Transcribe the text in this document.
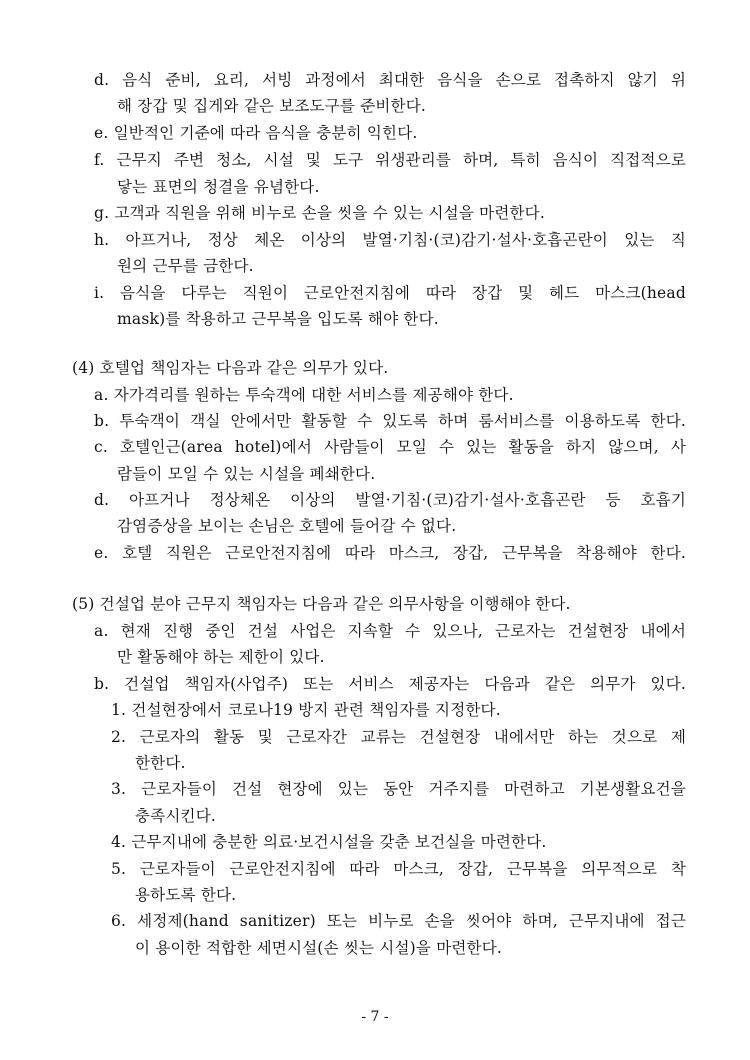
d. 음식 준비, 요리, 서빙 과정에서 최대한 음식을 손으로 접촉하지 않기 위
해 장갑 및 집게와 같은 보조도구를 준비한다.
e. 일반적인 기준에 따라 음식을 충분히 익힌다.
f. 근무지 주변 청소, 시설 및 도구 위생관리를 하며, 특히 음식이 직접적으로
닿는 표면의 청결을 유념한다.
g. 고객과 직원을 위해 비누로 손을 씻을 수 있는 시설을 마련한다.
h. 아프거나, 정상 체온 이상의 발열·기침·(코)감기·설사·호흡곤란이 있는 직
원의 근무를 금한다.
i. 음식을 다루는 직원이 근로안전지침에 따라 장갑 및 헤드 마스크(head
mask)를 착용하고 근무복을 입도록 해야 한다.
(4) 호텔업 책임자는 다음과 같은 의무가 있다.
a. 자가격리를 원하는 투숙객에 대한 서비스를 제공해야 한다.
b. 투숙객이 객실 안에서만 활동할 수 있도록 하며 룸서비스를 이용하도록 한다.
c. 호텔인근(area hotel)에서 사람들이 모일 수 있는 활동을 하지 않으며, 사
람들이 모일 수 있는 시설을 폐쇄한다.
d. 아프거나 정상체온 이상의 발열·기침·(코)감기·설사·호흡곤란 등 호흡기
감염증상을 보이는 손님은 호텔에 들어갈 수 없다.
e. 호텔 직원은 근로안전지침에 따라 마스크, 장갑, 근무복을 착용해야 한다.
(5) 건설업 분야 근무지 책임자는 다음과 같은 의무사항을 이행해야 한다.
a. 현재 진행 중인 건설 사업은 지속할 수 있으나, 근로자는 건설현장 내에서
만 활동해야 하는 제한이 있다.
b. 건설업 책임자(사업주) 또는 서비스 제공자는 다음과 같은 의무가 있다.
1. 건설현장에서 코로나19 방지 관련 책임자를 지정한다.
2. 근로자의 활동 및 근로자간 교류는 건설현장 내에서만 하는 것으로 제
한한다.
3. 근로자들이 건설 현장에 있는 동안 거주지를 마련하고 기본생활요건을
충족시킨다.
4. 근무지내에 충분한 의료·보건시설을 갖춘 보건실을 마련한다.
5. 근로자들이 근로안전지침에 따라 마스크, 장갑, 근무복을 의무적으로 착
용하도록 한다.
6. 세정제(hand sanitizer) 또는 비누로 손을 씻어야 하며, 근무지내에 접근
이 용이한 적합한 세면시설(손 씻는 시설)을 마련한다.
- 7 -
